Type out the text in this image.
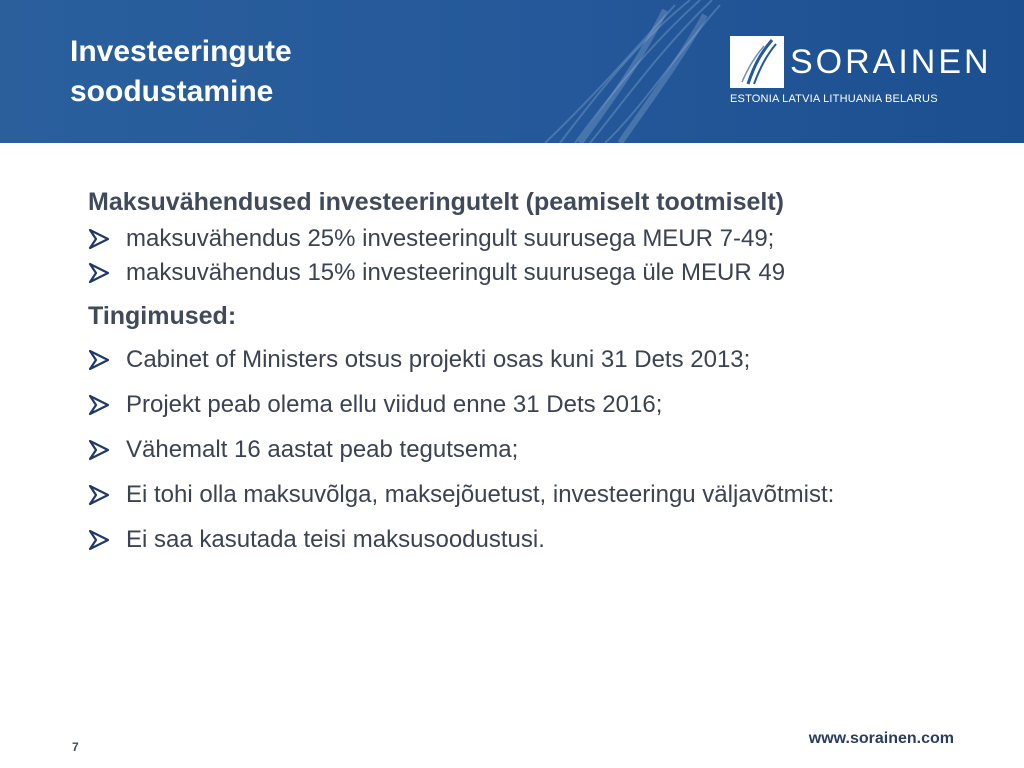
Investeeringute
soodustamine
SORAINEN
ESTONIA LATVIA LITHUANIA BELARUS

Maksuvähendused investeeringutelt (peamiselt tootmiselt)

maksuvähendus 25% investeeringult suurusega MEUR 7-49;
maksuvähendus 15% investeeringult suurusega üle MEUR 49

Tingimused:

Cabinet of Ministers otsus projekti osas kuni 31 Dets 2013;
Projekt peab olema ellu viidud enne 31 Dets 2016;
Vähemalt 16 aastat peab tegutsema;
Ei tohi olla maksuvõlga, maksejõuetust, investeeringu väljavõtmist:
Ei saa kasutada teisi maksusoodustusi.
7	www.sorainen.com
